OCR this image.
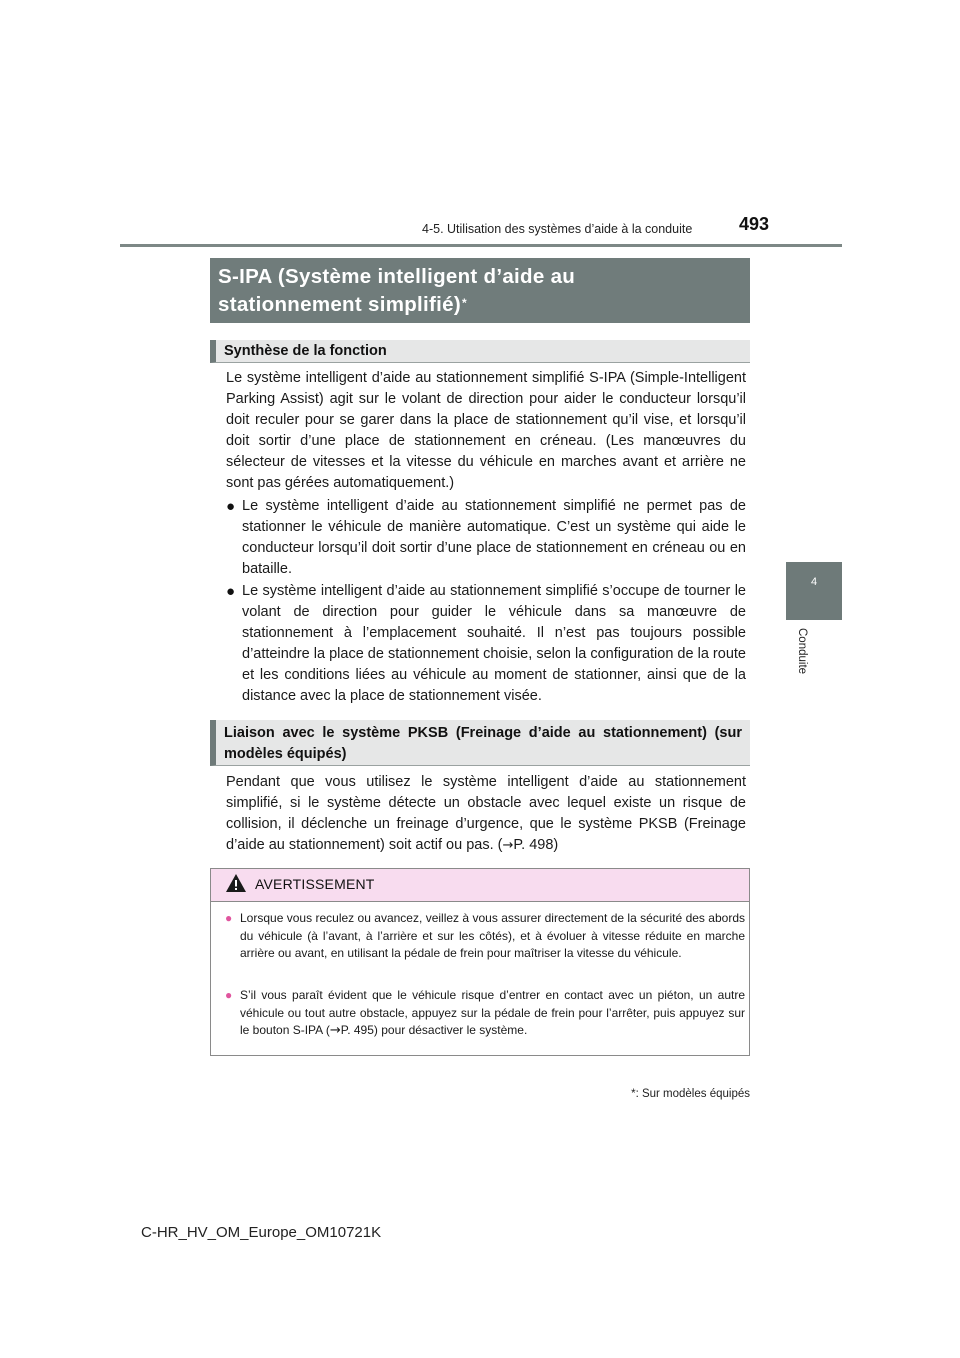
4-5. Utilisation des systèmes d’aide à la conduite	493
4
Conduite
S-IPA (Système intelligent d’aide au
stationnement simplifié)*
Synthèse de la fonction
Le système intelligent d’aide au stationnement simplifié S-IPA (Simple-Intelligent Parking Assist) agit sur le volant de direction pour aider le conducteur lorsqu’il doit reculer pour se garer dans la place de stationnement qu’il vise, et lorsqu’il doit sortir d’une place de stationnement en créneau. (Les manœuvres du sélecteur de vitesses et la vitesse du véhicule en marches avant et arrière ne sont pas gérées automatiquement.)
● Le système intelligent d’aide au stationnement simplifié ne permet pas de stationner le véhicule de manière automatique. C’est un système qui aide le conducteur lorsqu’il doit sortir d’une place de stationnement en créneau ou en bataille.
● Le système intelligent d’aide au stationnement simplifié s’occupe de tourner le volant de direction pour guider le véhicule dans sa manœuvre de stationnement à l’emplacement souhaité. Il n’est pas toujours possible d’atteindre la place de stationnement choisie, selon la configuration de la route et les conditions liées au véhicule au moment de stationner, ainsi que de la distance avec la place de stationnement visée.
Liaison avec le système PKSB (Freinage d’aide au stationnement) (sur modèles équipés)
Pendant que vous utilisez le système intelligent d’aide au stationnement simplifié, si le système détecte un obstacle avec lequel existe un risque de collision, il déclenche un freinage d’urgence, que le système PKSB (Freinage d’aide au stationnement) soit actif ou pas. (→P. 498)
AVERTISSEMENT
● Lorsque vous reculez ou avancez, veillez à vous assurer directement de la sécurité des abords du véhicule (à l’avant, à l’arrière et sur les côtés), et à évoluer à vitesse réduite en marche arrière ou avant, en utilisant la pédale de frein pour maîtriser la vitesse du véhicule.
● S’il vous paraît évident que le véhicule risque d’entrer en contact avec un piéton, un autre véhicule ou tout autre obstacle, appuyez sur la pédale de frein pour l’arrêter, puis appuyez sur le bouton S-IPA (→P. 495) pour désactiver le système.
*: Sur modèles équipés
C-HR_HV_OM_Europe_OM10721K
